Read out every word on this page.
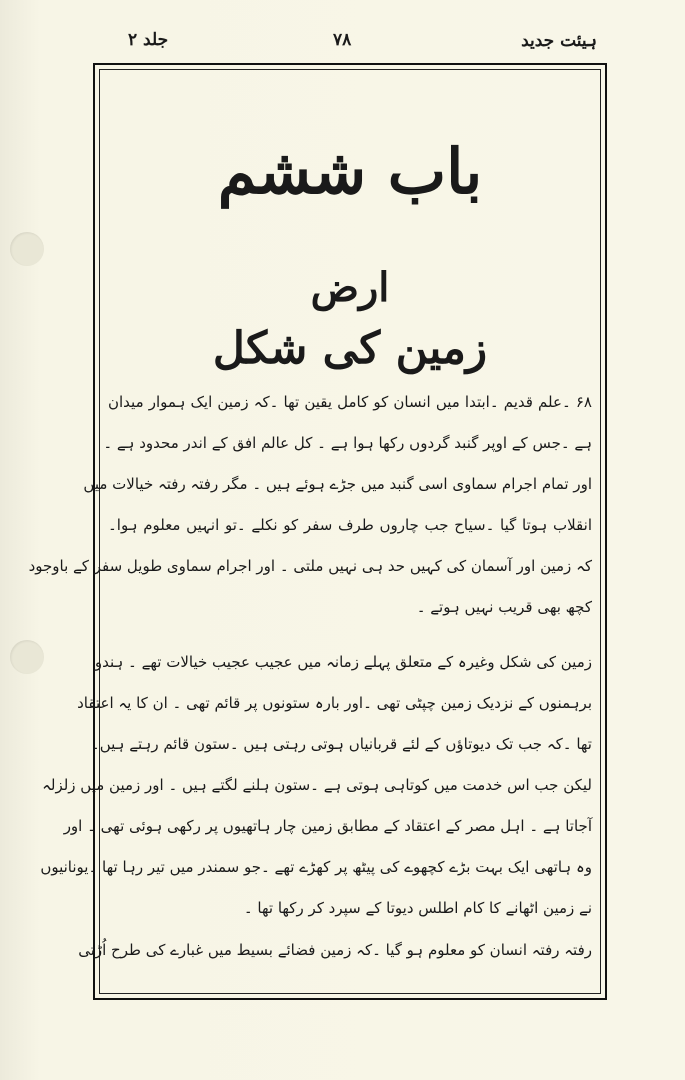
ہیئت جدید
۷۸
جلد ۲
باب ششم
ارض
زمین کی شکل
۶۸ ۔علم قدیم ۔ابتدا میں انسان کو کامل یقین تھا ۔کہ زمین ایک ہموار میدان
ہے ۔جس کے اوپر گنبد گردوں رکھا ہوا ہے ۔ کل عالم افق کے اندر محدود ہے ۔
اور تمام اجرام سماوی اسی گنبد میں جڑے ہوئے ہیں ۔ مگر رفتہ رفتہ خیالات میں
انقلاب ہوتا گیا ۔سیاح جب چاروں طرف سفر کو نکلے ۔تو انہیں معلوم ہوا۔
کہ زمین اور آسمان کی کہیں حد ہی نہیں ملتی ۔ اور اجرام سماوی طویل سفر کے باوجود
کچھ بھی قریب نہیں ہوتے ۔
زمین کی شکل وغیرہ کے متعلق پہلے زمانہ میں عجیب عجیب خیالات تھے ۔ ہندو
برہمنوں کے نزدیک زمین چپٹی تھی ۔اور بارہ ستونوں پر قائم تھی ۔ ان کا یہ اعتقاد
تھا ۔کہ جب تک دیوتاؤں کے لئے قربانیاں ہوتی رہتی ہیں ۔ستون قائم رہتے ہیں۔
لیکن جب اس خدمت میں کوتاہی ہوتی ہے ۔ستون ہلنے لگتے ہیں ۔ اور زمین میں زلزلہ
آجاتا ہے ۔ اہل مصر کے اعتقاد کے مطابق زمین چار ہاتھیوں پر رکھی ہوئی تھی ۔ اور
وہ ہاتھی ایک بہت بڑے کچھوے کی پیٹھ پر کھڑے تھے ۔جو سمندر میں تیر رہا تھا ۔یونانیوں
نے زمین اٹھانے کا کام اطلس دیوتا کے سپرد کر رکھا تھا ۔
رفتہ رفتہ انسان کو معلوم ہو گیا ۔کہ زمین فضائے بسیط میں غبارے کی طرح اُڑتی
